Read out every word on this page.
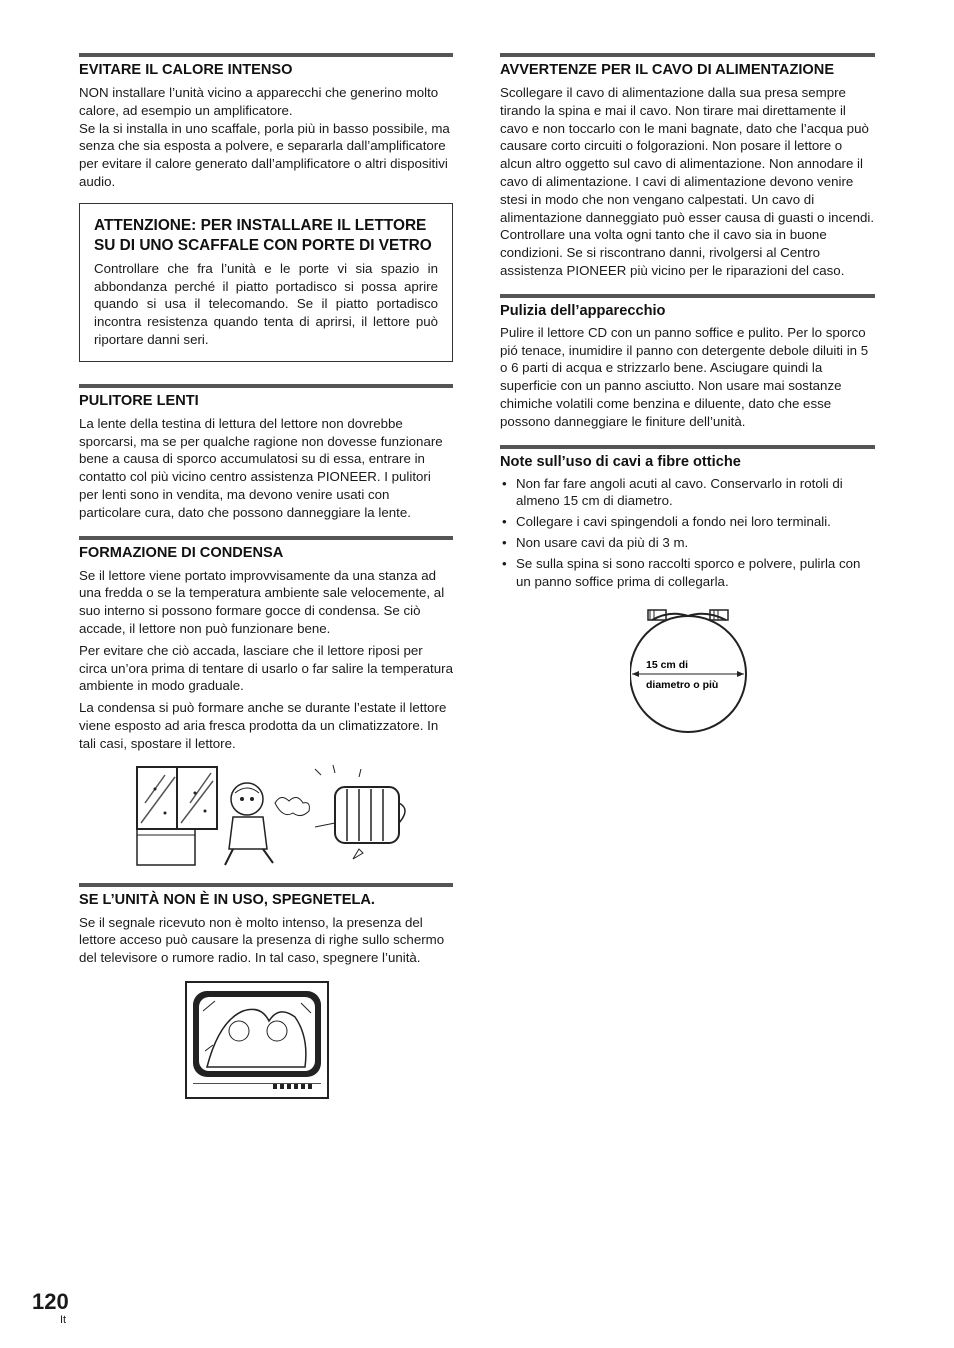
EVITARE IL CALORE INTENSO

NON installare l’unità vicino a apparecchi che generino molto calore, ad esempio un amplificatore.

Se la si installa in uno scaffale, porla più in basso possibile, ma senza che sia esposta a polvere, e separarla dall’amplificatore per evitare il calore generato dall’amplificatore o altri dispositivi audio.

ATTENZIONE: PER INSTALLARE IL LETTORE SU DI UNO SCAFFALE CON PORTE DI VETRO

Controllare che fra l’unità e le porte vi sia spazio in abbondanza perché il piatto portadisco si possa aprire quando si usa il telecomando. Se il piatto portadisco incontra resistenza quando tenta di aprirsi, il lettore può riportare danni seri.

PULITORE LENTI

La lente della testina di lettura del lettore non dovrebbe sporcarsi, ma se per qualche ragione non dovesse funzionare bene a causa di sporco accumulatosi su di essa, entrare in contatto col più vicino centro assistenza PIONEER. I pulitori per lenti sono in vendita, ma devono venire usati con particolare cura, dato che possono danneggiare la lente.

FORMAZIONE DI CONDENSA

Se il lettore viene portato improvvisamente da una stanza ad una fredda o se la temperatura ambiente sale velocemente, al suo interno si possono formare gocce di condensa. Se ciò accade, il lettore non può funzionare bene.

Per evitare che ciò accada, lasciare che il lettore riposi per circa un’ora prima di tentare di usarlo o far salire la temperatura ambiente in modo graduale.

La condensa si può formare anche se durante l’estate il lettore viene esposto ad aria fresca prodotta da un climatizzatore. In tali casi, spostare il lettore.

SE L’UNITÀ NON È IN USO, SPEGNETELA.

Se il segnale ricevuto non è molto intenso, la presenza del lettore acceso può causare la presenza di righe sullo schermo del televisore o rumore radio. In tal caso, spegnere l’unità.

AVVERTENZE PER IL CAVO DI ALIMENTAZIONE

Scollegare il cavo di alimentazione dalla sua presa sempre tirando la spina e mai il cavo. Non tirare mai direttamente il cavo e non toccarlo con le mani bagnate, dato che l’acqua può causare corto circuiti o folgorazioni. Non posare il lettore o alcun altro oggetto sul cavo di alimentazione. Non annodare il cavo di alimentazione. I cavi di alimentazione devono venire stesi in modo che non vengano calpestati. Un cavo di alimentazione danneggiato può esser causa di guasti o incendi. Controllare una volta ogni tanto che il cavo sia in buone condizioni. Se si riscontrano danni, rivolgersi al Centro assistenza PIONEER più vicino per le riparazioni del caso.

Pulizia dell’apparecchio

Pulire il lettore CD con un panno soffice e pulito. Per lo sporco pió tenace, inumidire il panno con detergente debole diluiti in 5 o 6 parti di acqua e strizzarlo bene. Asciugare quindi la superficie con un panno asciutto. Non usare mai sostanze chimiche volatili come benzina e diluente, dato che esse possono danneggiare le finiture dell’unità.

Note sull’uso di cavi a fibre ottiche
• Non far fare angoli acuti al cavo. Conservarlo in rotoli di almeno 15 cm di diametro.
• Collegare i cavi spingendoli a fondo nei loro terminali.
• Non usare cavi da più di 3 m.
• Se sulla spina si sono raccolti sporco e polvere, pulirla con un panno soffice prima di collegarla.
15 cm di
diametro o più
120
It
